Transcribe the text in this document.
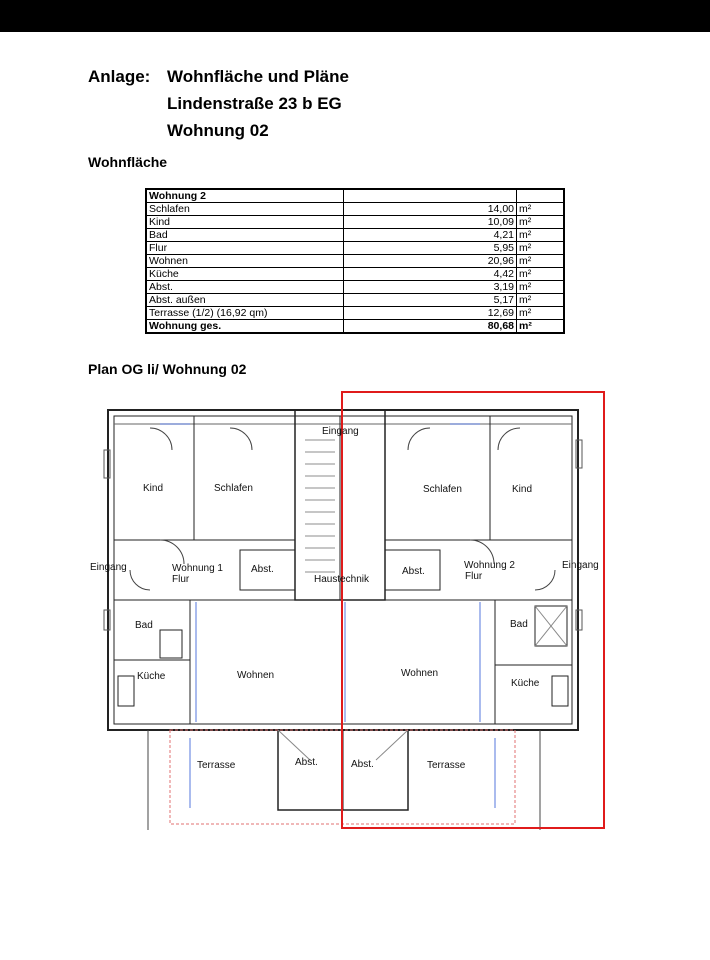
Anlage: Wohnfläche und Pläne
Lindenstraße 23 b EG
Wohnung 02
Wohnfläche
Wohnung 2		
Schlafen	14,00	m²
Kind	10,09	m²
Bad	4,21	m²
Flur	5,95	m²
Wohnen	20,96	m²
Küche	4,42	m²
Abst.	3,19	m²
Abst. außen	5,17	m²
Terrasse (1/2) (16,92 qm)	12,69	m²
Wohnung ges.	80,68	m²
Plan OG li/ Wohnung 02
Kind	Schlafen
Eingang
Schlafen	Kind
Eingang	Wohnung 1
Flur
Abst.
Haustechnik
Abst.
Wohnung 2
Flur
Eingang
Bad	Bad
Küche	Wohnen	Wohnen
Küche
Terrasse	Abst.	Abst.	Terrasse
